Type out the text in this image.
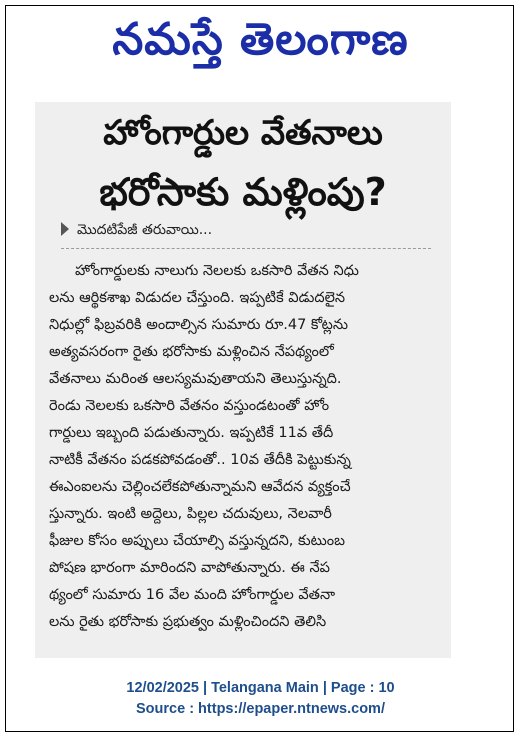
నమస్తే తెలంగాణ
హోంగార్డుల వేతనాలు
భరోసాకు మళ్లింపు?
మొదటిపేజీ తరువాయి...
హోంగార్డులకు నాలుగు నెలలకు ఒకసారి వేతన నిధు
లను ఆర్థికశాఖ విడుదల చేస్తుంది. ఇప్పటికే విడుదలైన
నిధుల్లో ఫిబ్రవరికి అందాల్సిన సుమారు రూ.47 కోట్లను
అత్యవసరంగా రైతు భరోసాకు మళ్లించిన నేపథ్యంలో
వేతనాలు మరింత ఆలస్యమవుతాయని తెలుస్తున్నది.
రెండు నెలలకు ఒకసారి వేతనం వస్తుండటంతో హోం
గార్డులు ఇబ్బంది పడుతున్నారు. ఇప్పటికే 11వ తేదీ
నాటికీ వేతనం పడకపోవడంతో.. 10వ తేదీకి పెట్టుకున్న
ఈఎంఐలను చెల్లించలేకపోతున్నామని ఆవేదన వ్యక్తంచే
స్తున్నారు. ఇంటి అద్దెలు, పిల్లల చదువులు, నెలవారీ
ఫీజుల కోసం అప్పులు చేయాల్సి వస్తున్నదని, కుటుంబ
పోషణ భారంగా మారిందని వాపోతున్నారు. ఈ నేప
థ్యంలో సుమారు 16 వేల మంది హోంగార్డుల వేతనా
లను రైతు భరోసాకు ప్రభుత్వం మళ్లించిందని తెలిసి
12/02/2025 | Telangana Main | Page : 10
Source : https://epaper.ntnews.com/
